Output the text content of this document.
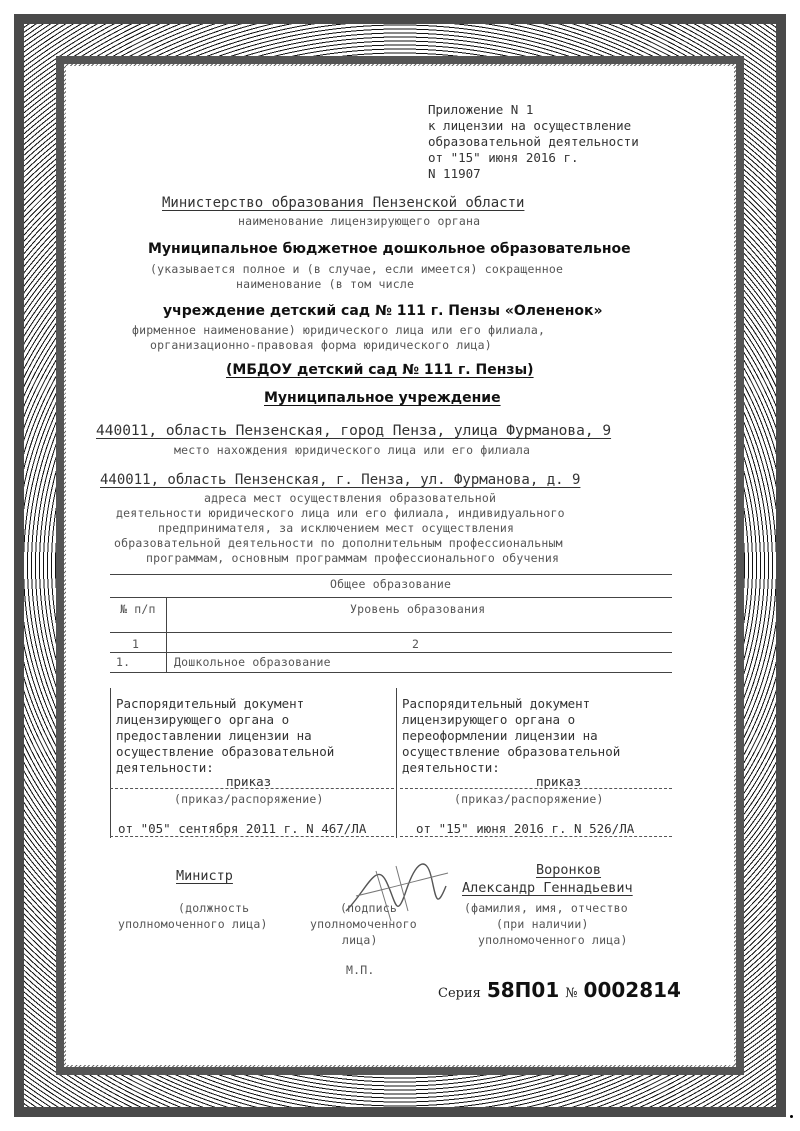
Приложение N 1
к лицензии на осуществление
образовательной деятельности
от "15" июня 2016 г.
N 11907
Министерство образования Пензенской области
наименование лицензирующего органа
Муниципальное бюджетное дошкольное образовательное
(указывается полное и (в случае, если имеется) сокращенное
наименование (в том числе
учреждение детский сад № 111 г. Пензы «Олененок»
фирменное наименование) юридического лица или его филиала,
организационно-правовая форма юридического лица)
(МБДОУ детский сад № 111 г. Пензы)
Муниципальное учреждение
440011, область Пензенская, город Пенза, улица Фурманова, 9
место нахождения юридического лица или его филиала
440011, область Пензенская, г. Пенза, ул. Фурманова, д. 9
адреса мест осуществления образовательной
деятельности юридического лица или его филиала, индивидуального
предпринимателя, за исключением мест осуществления
образовательной деятельности по дополнительным профессиональным
программам, основным программам профессионального обучения
Общее образование
№ п/п	Уровень образования
1	2
1.	Дошкольное образование
Распорядительный документ
лицензирующего органа о
предоставлении лицензии на
осуществление образовательной
деятельности:
приказ
(приказ/распоряжение)
от "05" сентября 2011 г. N 467/ЛА
Распорядительный документ
лицензирующего органа о
переоформлении лицензии на
осуществление образовательной
деятельности:
приказ
(приказ/распоряжение)
от "15" июня 2016 г. N 526/ЛА
Министр
(должность
уполномоченного лица)
(подпись
уполномоченного
лица)
Воронков
Александр Геннадьевич
(фамилия, имя, отчество
(при наличии)
уполномоченного лица)
М.П.
Серия 58П01 № 0002814
